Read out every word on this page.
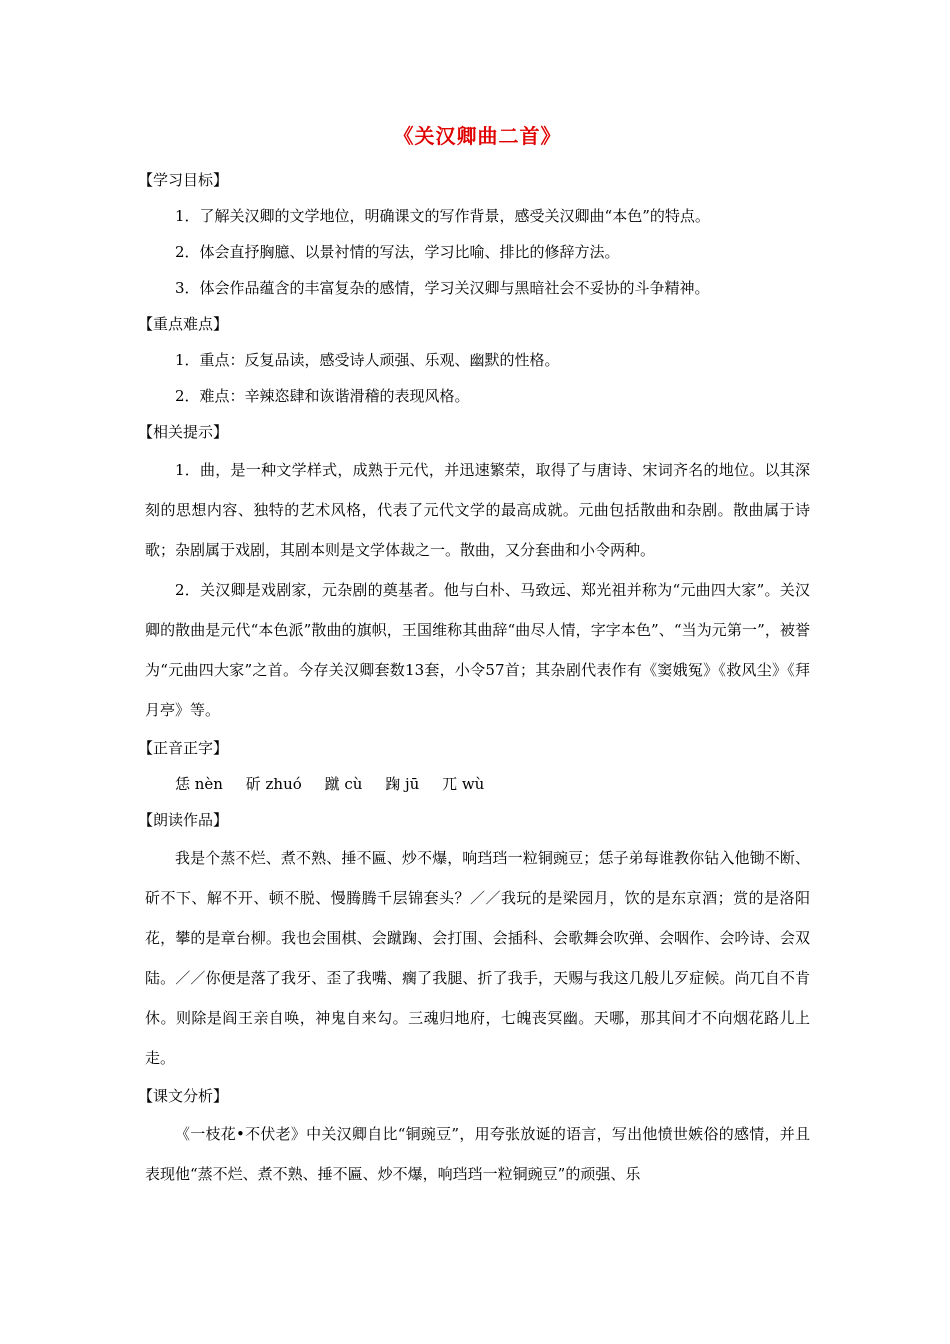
《关汉卿曲二首》
【学习目标】
1．了解关汉卿的文学地位，明确课文的写作背景，感受关汉卿曲“本色”的特点。
2．体会直抒胸臆、以景衬情的写法，学习比喻、排比的修辞方法。
3．体会作品蕴含的丰富复杂的感情，学习关汉卿与黑暗社会不妥协的斗争精神。
【重点难点】
1．重点：反复品读，感受诗人顽强、乐观、幽默的性格。
2．难点：辛辣恣肆和诙谐滑稽的表现风格。
【相关提示】
1．曲，是一种文学样式，成熟于元代，并迅速繁荣，取得了与唐诗、宋词齐名的地位。以其深刻的思想内容、独特的艺术风格，代表了元代文学的最高成就。元曲包括散曲和杂剧。散曲属于诗歌；杂剧属于戏剧，其剧本则是文学体裁之一。散曲，又分套曲和小令两种。
2．关汉卿是戏剧家，元杂剧的奠基者。他与白朴、马致远、郑光祖并称为“元曲四大家”。关汉卿的散曲是元代“本色派”散曲的旗帜，王国维称其曲辞“曲尽人情，字字本色”、“当为元第一”，被誉为“元曲四大家”之首。今存关汉卿套数13套，小令57首；其杂剧代表作有《窦娥冤》《救风尘》《拜月亭》等。
【正音正字】
恁 nèn 斫 zhuó 蹴 cù 踘 jū 兀 wù
【朗读作品】
我是个蒸不烂、煮不熟、捶不匾、炒不爆，响珰珰一粒铜豌豆；恁子弟每谁教你钻入他锄不断、斫不下、解不开、顿不脱、慢腾腾千层锦套头？／／我玩的是梁园月，饮的是东京酒；赏的是洛阳花，攀的是章台柳。我也会围棋、会蹴踘、会打围、会插科、会歌舞会吹弹、会咽作、会吟诗、会双陆。／／你便是落了我牙、歪了我嘴、瘸了我腿、折了我手，天赐与我这几般儿歹症候。尚兀自不肯休。则除是阎王亲自唤，神鬼自来勾。三魂归地府，七魄丧冥幽。天哪，那其间才不向烟花路儿上走。
【课文分析】
《一枝花•不伏老》中关汉卿自比“铜豌豆”，用夸张放诞的语言，写出他愤世嫉俗的感情，并且表现他“蒸不烂、煮不熟、捶不匾、炒不爆，响珰珰一粒铜豌豆”的顽强、乐
